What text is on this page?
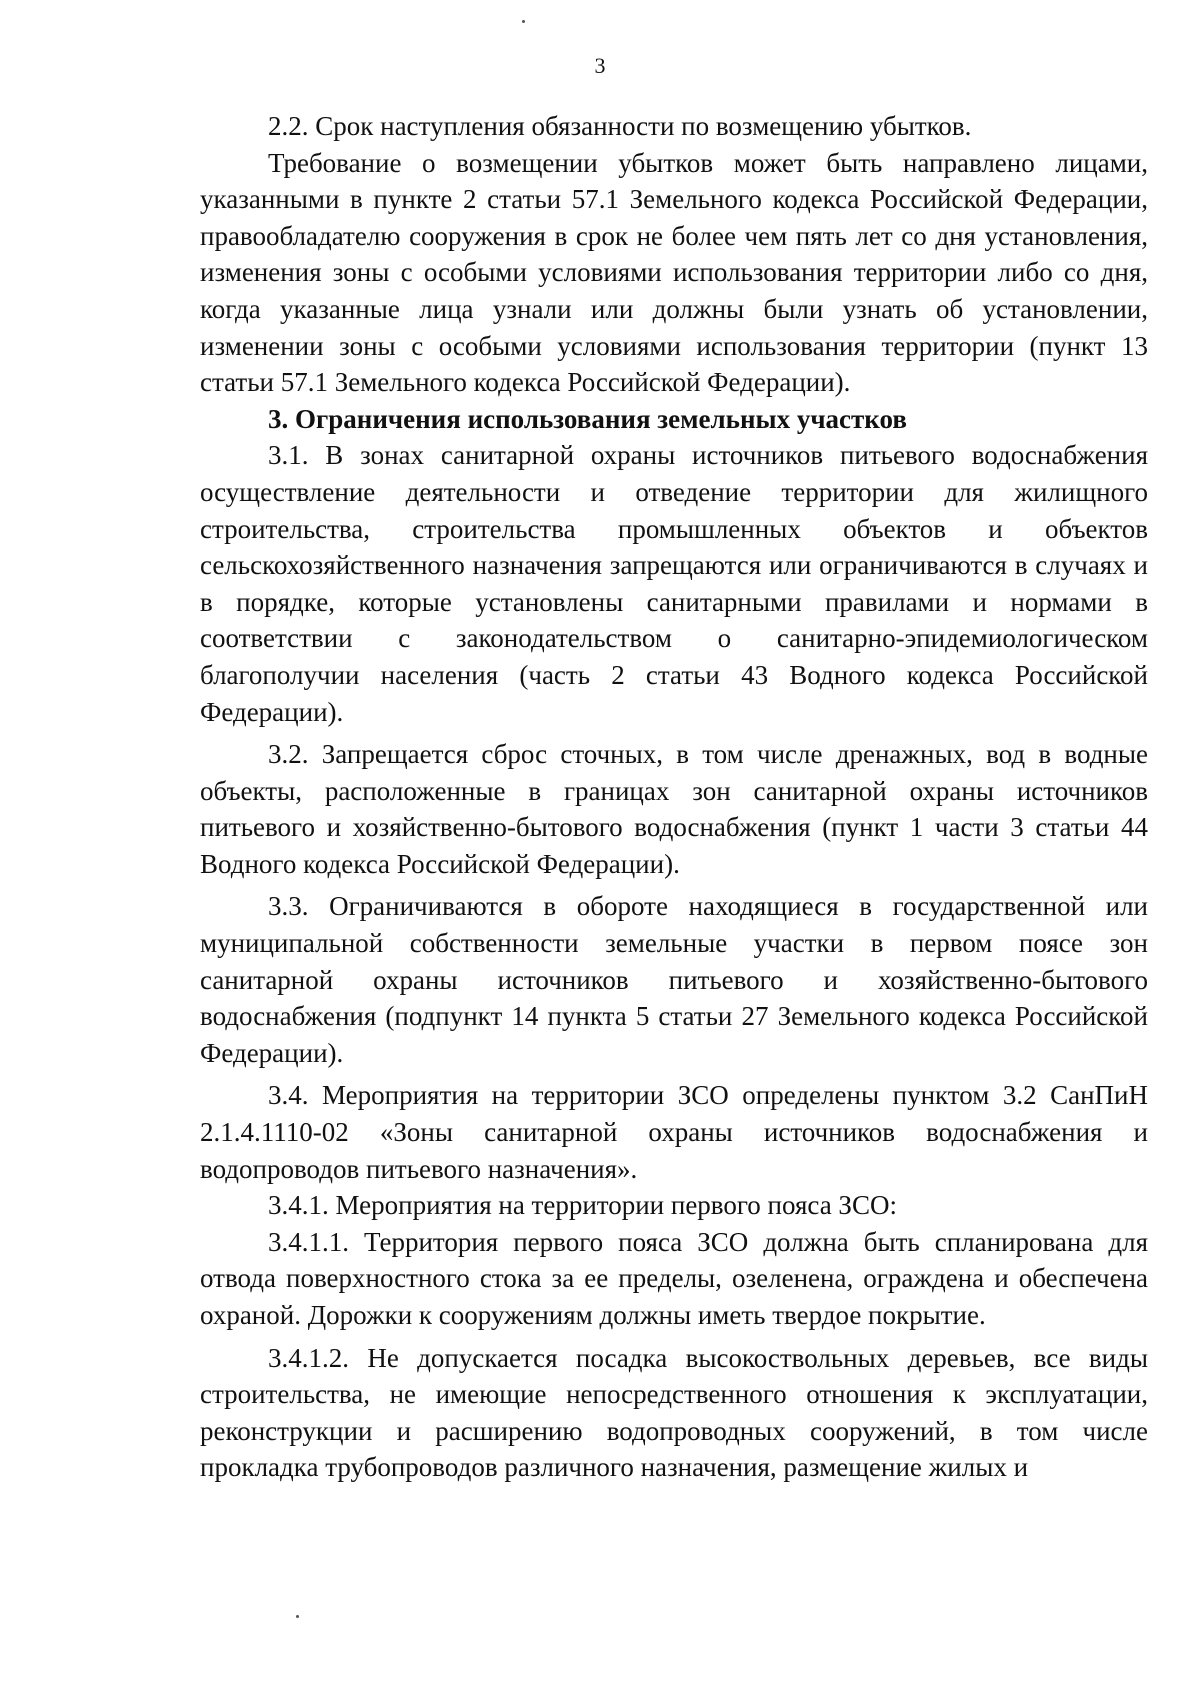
3

2.2. Срок наступления обязанности по возмещению убытков.

Требование о возмещении убытков может быть направлено лицами, указанными в пункте 2 статьи 57.1 Земельного кодекса Российской Федерации, правообладателю сооружения в срок не более чем пять лет со дня установления, изменения зоны с особыми условиями использования территории либо со дня, когда указанные лица узнали или должны были узнать об установлении, изменении зоны с особыми условиями использования территории (пункт 13 статьи 57.1 Земельного кодекса Российской Федерации).

3. Ограничения использования земельных участков

3.1. В зонах санитарной охраны источников питьевого водоснабжения осуществление деятельности и отведение территории для жилищного строительства, строительства промышленных объектов и объектов сельскохозяйственного назначения запрещаются или ограничиваются в случаях и в порядке, которые установлены санитарными правилами и нормами в соответствии с законодательством о санитарно-эпидемиологическом благополучии населения (часть 2 статьи 43 Водного кодекса Российской Федерации).

3.2. Запрещается сброс сточных, в том числе дренажных, вод в водные объекты, расположенные в границах зон санитарной охраны источников питьевого и хозяйственно-бытового водоснабжения (пункт 1 части 3 статьи 44 Водного кодекса Российской Федерации).

3.3. Ограничиваются в обороте находящиеся в государственной или муниципальной собственности земельные участки в первом поясе зон санитарной охраны источников питьевого и хозяйственно-бытового водоснабжения (подпункт 14 пункта 5 статьи 27 Земельного кодекса Российской Федерации).

3.4. Мероприятия на территории ЗСО определены пунктом 3.2 СанПиН 2.1.4.1110-02 «Зоны санитарной охраны источников водоснабжения и водопроводов питьевого назначения».

3.4.1. Мероприятия на территории первого пояса ЗСО:

3.4.1.1. Территория первого пояса ЗСО должна быть спланирована для отвода поверхностного стока за ее пределы, озеленена, ограждена и обеспечена охраной. Дорожки к сооружениям должны иметь твердое покрытие.

3.4.1.2. Не допускается посадка высокоствольных деревьев, все виды строительства, не имеющие непосредственного отношения к эксплуатации, реконструкции и расширению водопроводных сооружений, в том числе прокладка трубопроводов различного назначения, размещение жилых и
